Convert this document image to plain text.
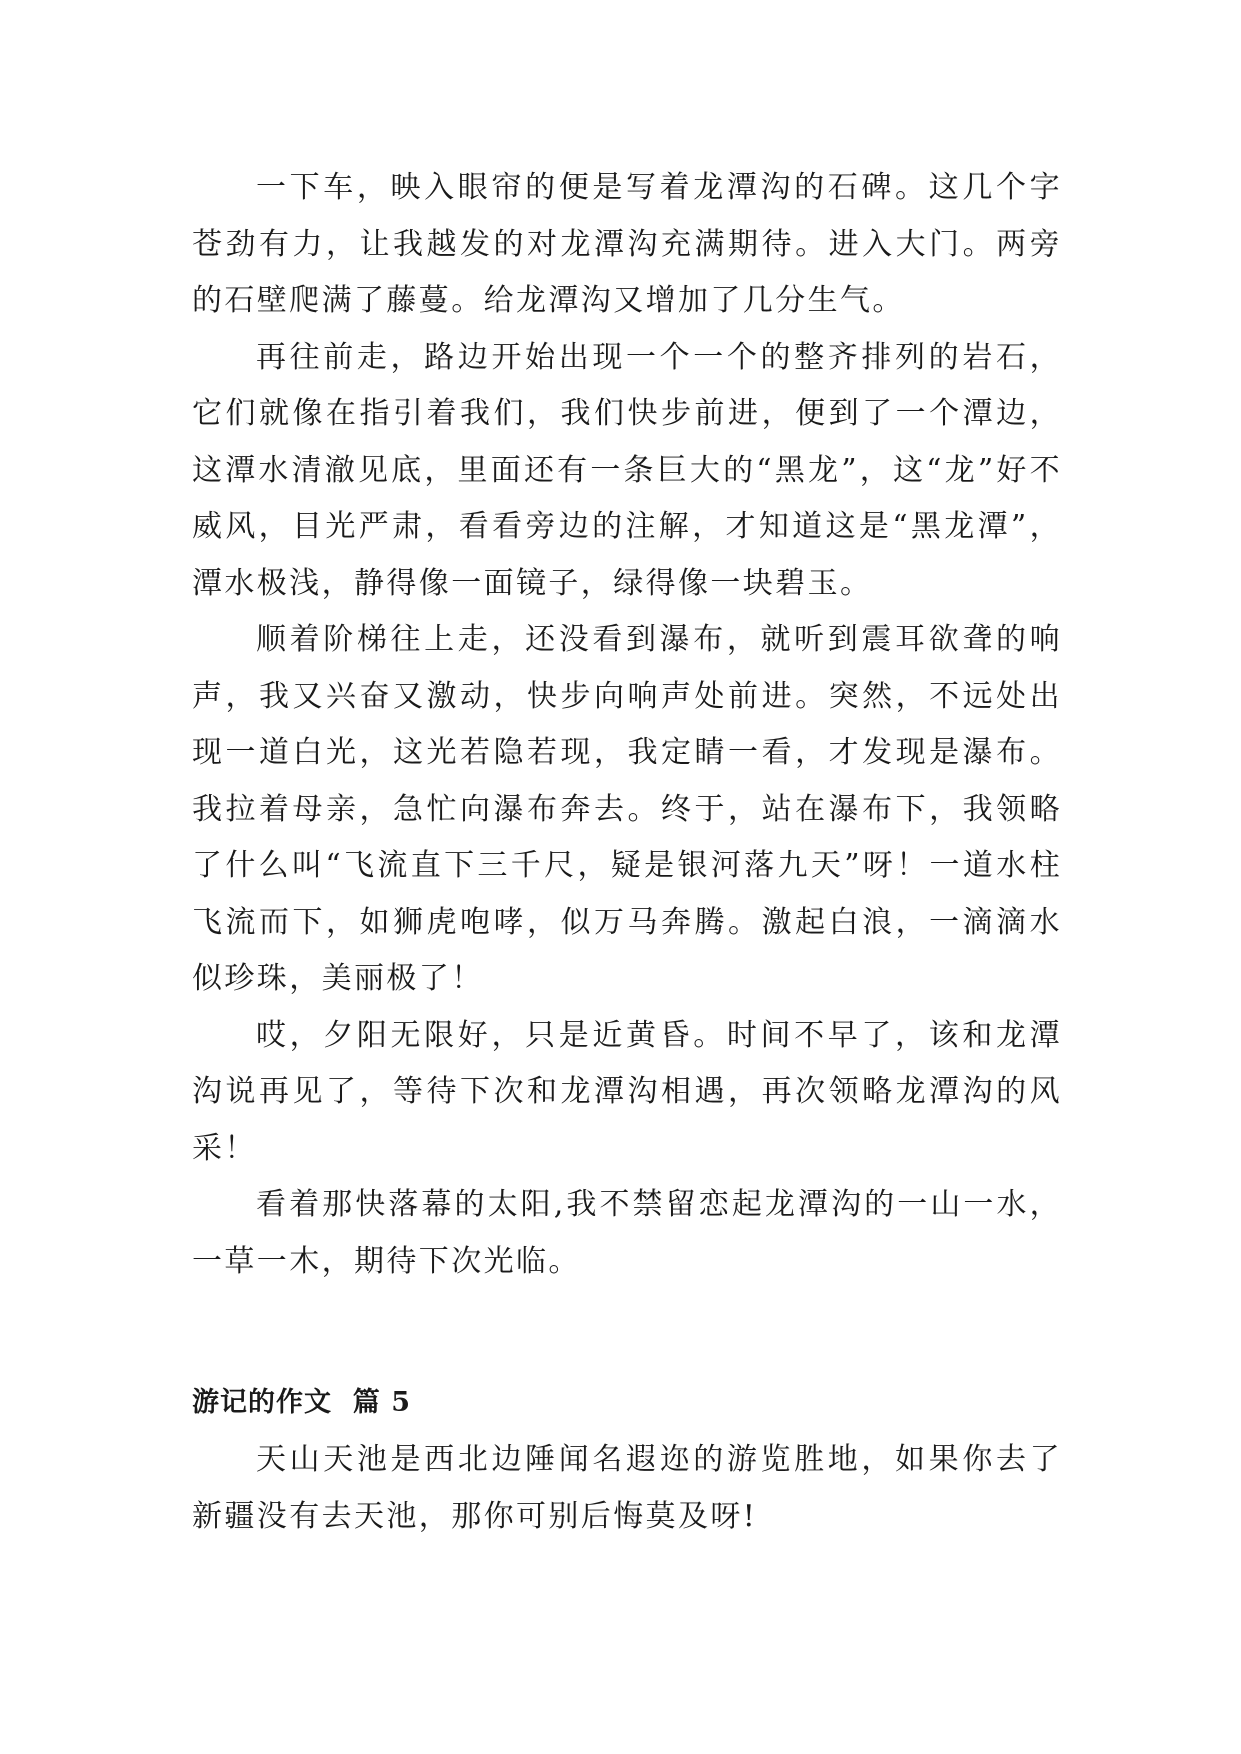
一下车，映入眼帘的便是写着龙潭沟的石碑。这几个字苍劲有力，让我越发的对龙潭沟充满期待。进入大门。两旁的石壁爬满了藤蔓。给龙潭沟又增加了几分生气。

再往前走，路边开始出现一个一个的整齐排列的岩石，它们就像在指引着我们，我们快步前进，便到了一个潭边，这潭水清澈见底，里面还有一条巨大的“黑龙”，这“龙”好不威风，目光严肃，看看旁边的注解，才知道这是“黑龙潭”，潭水极浅，静得像一面镜子，绿得像一块碧玉。

顺着阶梯往上走，还没看到瀑布，就听到震耳欲聋的响声，我又兴奋又激动，快步向响声处前进。突然，不远处出现一道白光，这光若隐若现，我定睛一看，才发现是瀑布。我拉着母亲，急忙向瀑布奔去。终于，站在瀑布下，我领略了什么叫“飞流直下三千尺，疑是银河落九天”呀！一道水柱飞流而下，如狮虎咆哮，似万马奔腾。激起白浪，一滴滴水似珍珠，美丽极了！

哎，夕阳无限好，只是近黄昏。时间不早了，该和龙潭沟说再见了，等待下次和龙潭沟相遇，再次领略龙潭沟的风采！

看着那快落幕的太阳,我不禁留恋起龙潭沟的一山一水，一草一木，期待下次光临。

游记的作文  篇 5

天山天池是西北边陲闻名遐迩的游览胜地，如果你去了新疆没有去天池，那你可别后悔莫及呀!
